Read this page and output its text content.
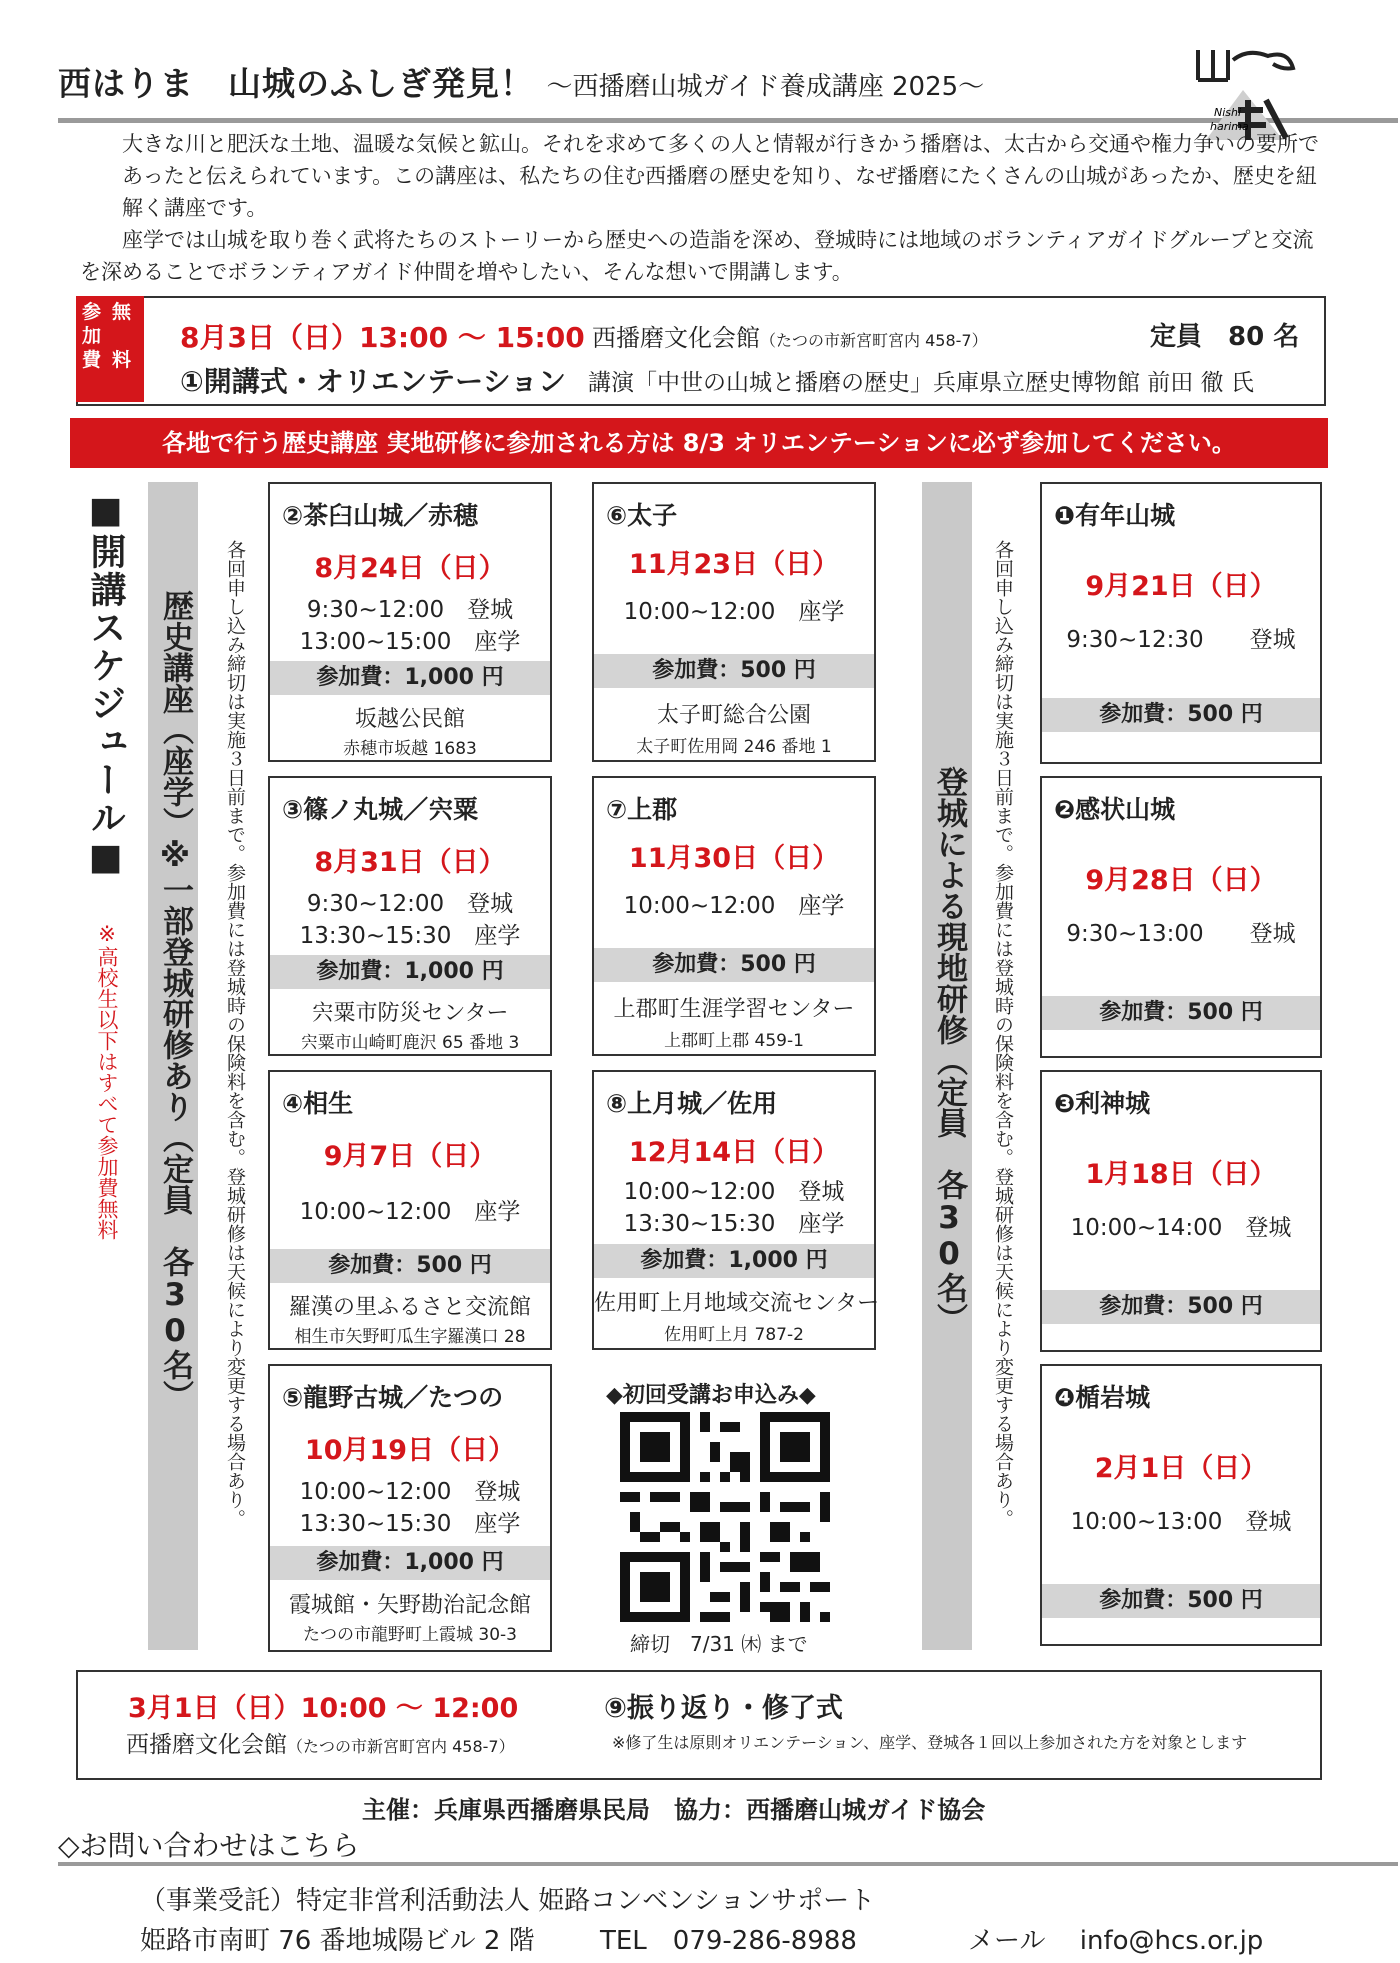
西はりま　山城のふしぎ発見！ ～西播磨山城ガイド養成講座 2025～
Nishi
harima

大きな川と肥沃な土地、温暖な気候と鉱山。それを求めて多くの人と情報が行きかう播磨は、太古から交通や権力争いの要所であったと伝えられています。この講座は、私たちの住む西播磨の歴史を知り、なぜ播磨にたくさんの山城があったか、歴史を紐解く講座です。

座学では山城を取り巻く武将たちのストーリーから歴史への造詣を深め、登城時には地域のボランティアガイドグループと交流を深めることでボランティアガイド仲間を増やしたい、そんな想いで開講します。

参
加
費
無
料
8月3日（日）13:00 ～ 15:00 西播磨文化会館（たつの市新宮町宮内 458-7）	定員　80 名
①開講式・オリエンテーション 講演「中世の山城と播磨の歴史」兵庫県立歴史博物館 前田 徹 氏
各地で行う歴史講座 実地研修に参加される方は 8/3 オリエンテーションに必ず参加してください。
■開講スケジュール■
※高校生以下はすべて参加費無料 歴史講座（座学）※一部登城研修あり（定員　各30名） 各回申し込み締切は実施３日前まで。参加費には登城時の保険料を含む。登城研修は天候により変更する場合あり。	登城による現地研修（定員　各30名） 各回申し込み締切は実施３日前まで。参加費には登城時の保険料を含む。登城研修は天候により変更する場合あり。
②茶臼山城／赤穂
8月24日（日）
9:30~12:00　登城
13:00~15:00　座学
参加費：1,000 円
坂越公民館
赤穂市坂越 1683
③篠ノ丸城／宍粟
8月31日（日）
9:30~12:00　登城
13:30~15:30　座学
参加費：1,000 円
宍粟市防災センター
宍粟市山崎町鹿沢 65 番地 3
④相生
9月7日（日）
10:00~12:00　座学
参加費：500 円
羅漢の里ふるさと交流館
相生市矢野町瓜生字羅漢口 28
⑤龍野古城／たつの
10月19日（日）
10:00~12:00　登城
13:30~15:30　座学
参加費：1,000 円
霞城館・矢野勘治記念館
たつの市龍野町上霞城 30-3
⑥太子
11月23日（日）
10:00~12:00　座学
参加費：500 円
太子町総合公園
太子町佐用岡 246 番地 1
⑦上郡
11月30日（日）
10:00~12:00　座学
参加費：500 円
上郡町生涯学習センター
上郡町上郡 459-1
⑧上月城／佐用
12月14日（日）
10:00~12:00　登城
13:30~15:30　座学
参加費：1,000 円
佐用町上月地域交流センター
佐用町上月 787-2
◆初回受講お申込み◆
締切　7/31 ㈭ まで
❶有年山城
9月21日（日）
9:30~12:30　　登城
参加費：500 円
❷感状山城
9月28日（日）
9:30~13:00　　登城
参加費：500 円
❸利神城
1月18日（日）
10:00~14:00　登城
参加費：500 円
❹楯岩城
2月1日（日）
10:00~13:00　登城
参加費：500 円
3月1日（日）10:00 ～ 12:00
西播磨文化会館（たつの市新宮町宮内 458-7）
⑨振り返り・修了式
※修了生は原則オリエンテーション、座学、登城各１回以上参加された方を対象とします
主催：兵庫県西播磨県民局　協力：西播磨山城ガイド協会
◇お問い合わせはこちら
（事業受託）特定非営利活動法人 姫路コンベンションサポート
姫路市南町 76 番地城陽ビル 2 階	TEL　079-286-8988	メール　 info@hcs.or.jp
